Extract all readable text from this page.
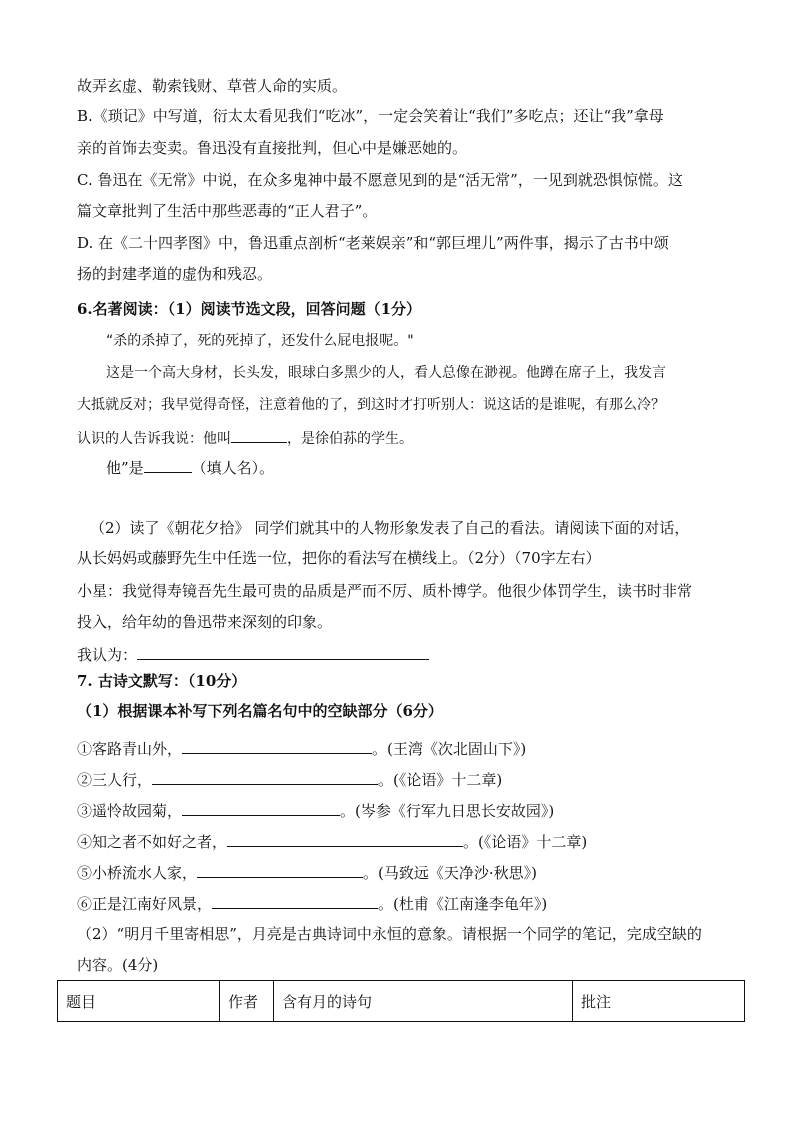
故弄玄虚、勒索钱财、草菅人命的实质。
B.《琐记》中写道，衍太太看见我们“吃冰”，一定会笑着让“我们”多吃点；还让“我”拿母
亲的首饰去变卖。鲁迅没有直接批判，但心中是嫌恶她的。
C. 鲁迅在《无常》中说，在众多鬼神中最不愿意见到的是“活无常”，一见到就恐惧惊慌。这
篇文章批判了生活中那些恶毒的“正人君子”。
D. 在《二十四孝图》中，鲁迅重点剖析“老莱娱亲”和“郭巨埋儿”两件事，揭示了古书中颂
扬的封建孝道的虚伪和残忍。
6.名著阅读：（1）阅读节选文段，回答问题（1分）
“杀的杀掉了，死的死掉了，还发什么屁电报呢。"
这是一个高大身材，长头发，眼球白多黑少的人，看人总像在渺视。他蹲在席子上，我发言
大抵就反对；我早觉得奇怪，注意着他的了，到这时才打听别人：说这话的是谁呢，有那么冷？
认识的人告诉我说：他叫	，是徐伯荪的学生。
他”是	（填人名）。
（2）读了《朝花夕拾》 同学们就其中的人物形象发表了自己的看法。请阅读下面的对话，
从长妈妈或藤野先生中任选一位，把你的看法写在横线上。（2分）（70字左右）
小星：我觉得寿镜吾先生最可贵的品质是严而不厉、质朴博学。他很少体罚学生，读书时非常
投入，给年幼的鲁迅带来深刻的印象。
我认为：
7. 古诗文默写：（10分）
（1）根据课本补写下列名篇名句中的空缺部分（6分）
①客路青山外，	。(王湾《次北固山下》)
②三人行，	。(《论语》十二章)
③遥怜故园菊，	。(岑参《行军九日思长安故园》)
④知之者不如好之者，	。(《论语》十二章)
⑤小桥流水人家，	。(马致远《天净沙·秋思》)
⑥正是江南好风景，	。(杜甫《江南逢李龟年》)
（2）“明月千里寄相思”，月亮是古典诗词中永恒的意象。请根据一个同学的笔记，完成空缺的
内容。(4分)
题目	作者	含有月的诗句	批注
